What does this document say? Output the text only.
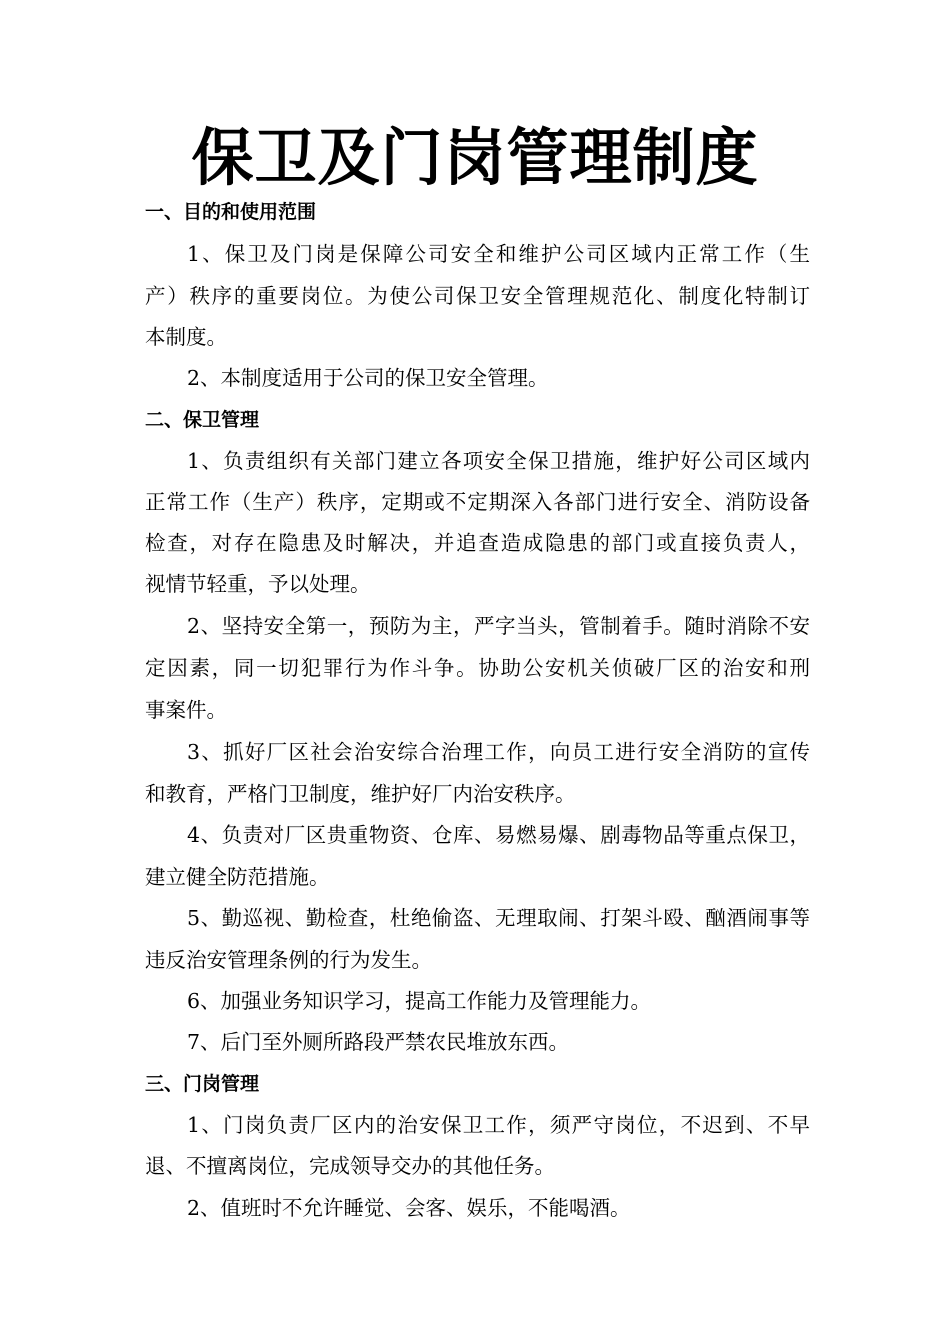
保卫及门岗管理制度
一、目的和使用范围
1、保卫及门岗是保障公司安全和维护公司区域内正常工作（生
产）秩序的重要岗位。为使公司保卫安全管理规范化、制度化特制订
本制度。
2、本制度适用于公司的保卫安全管理。
二、保卫管理
1、负责组织有关部门建立各项安全保卫措施，维护好公司区域内
正常工作（生产）秩序，定期或不定期深入各部门进行安全、消防设备
检查，对存在隐患及时解决，并追查造成隐患的部门或直接负责人，
视情节轻重，予以处理。
2、坚持安全第一，预防为主，严字当头，管制着手。随时消除不安
定因素，同一切犯罪行为作斗争。协助公安机关侦破厂区的治安和刑
事案件。
3、抓好厂区社会治安综合治理工作，向员工进行安全消防的宣传
和教育，严格门卫制度，维护好厂内治安秩序。
4、负责对厂区贵重物资、仓库、易燃易爆、剧毒物品等重点保卫，
建立健全防范措施。
5、勤巡视、勤检查，杜绝偷盗、无理取闹、打架斗殴、酗酒闹事等
违反治安管理条例的行为发生。
6、加强业务知识学习，提高工作能力及管理能力。
7、后门至外厕所路段严禁农民堆放东西。
三、门岗管理
1、门岗负责厂区内的治安保卫工作，须严守岗位，不迟到、不早
退、不擅离岗位，完成领导交办的其他任务。
2、值班时不允许睡觉、会客、娱乐，不能喝酒。
